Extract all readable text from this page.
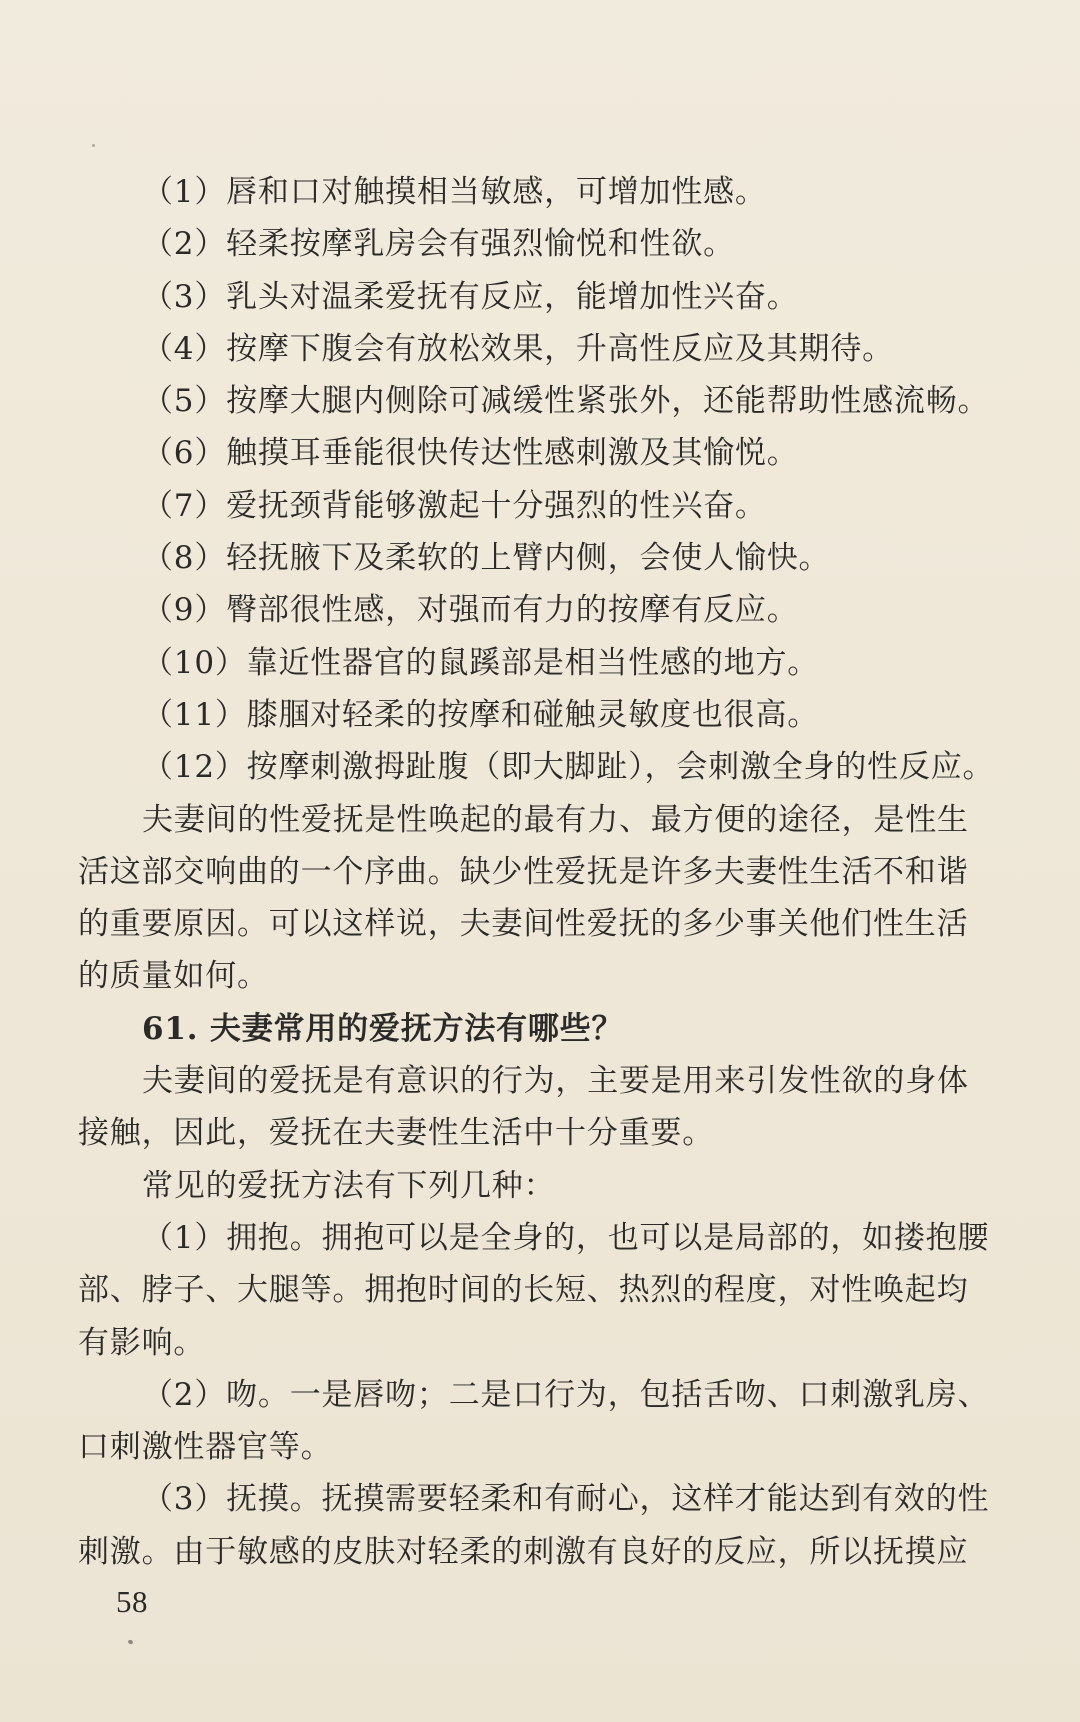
（1）唇和口对触摸相当敏感，可增加性感。
（2）轻柔按摩乳房会有强烈愉悦和性欲。
（3）乳头对温柔爱抚有反应，能增加性兴奋。
（4）按摩下腹会有放松效果，升高性反应及其期待。
（5）按摩大腿内侧除可减缓性紧张外，还能帮助性感流畅。
（6）触摸耳垂能很快传达性感刺激及其愉悦。
（7）爱抚颈背能够激起十分强烈的性兴奋。
（8）轻抚腋下及柔软的上臂内侧，会使人愉快。
（9）臀部很性感，对强而有力的按摩有反应。
（10）靠近性器官的鼠蹊部是相当性感的地方。
（11）膝腘对轻柔的按摩和碰触灵敏度也很高。
（12）按摩刺激拇趾腹（即大脚趾），会刺激全身的性反应。
夫妻间的性爱抚是性唤起的最有力、最方便的途径，是性生
活这部交响曲的一个序曲。缺少性爱抚是许多夫妻性生活不和谐
的重要原因。可以这样说，夫妻间性爱抚的多少事关他们性生活
的质量如何。
61. 夫妻常用的爱抚方法有哪些？
夫妻间的爱抚是有意识的行为，主要是用来引发性欲的身体
接触，因此，爱抚在夫妻性生活中十分重要。
常见的爱抚方法有下列几种：
（1）拥抱。拥抱可以是全身的，也可以是局部的，如搂抱腰
部、脖子、大腿等。拥抱时间的长短、热烈的程度，对性唤起均
有影响。
（2）吻。一是唇吻；二是口行为，包括舌吻、口刺激乳房、
口刺激性器官等。
（3）抚摸。抚摸需要轻柔和有耐心，这样才能达到有效的性
刺激。由于敏感的皮肤对轻柔的刺激有良好的反应，所以抚摸应
58
